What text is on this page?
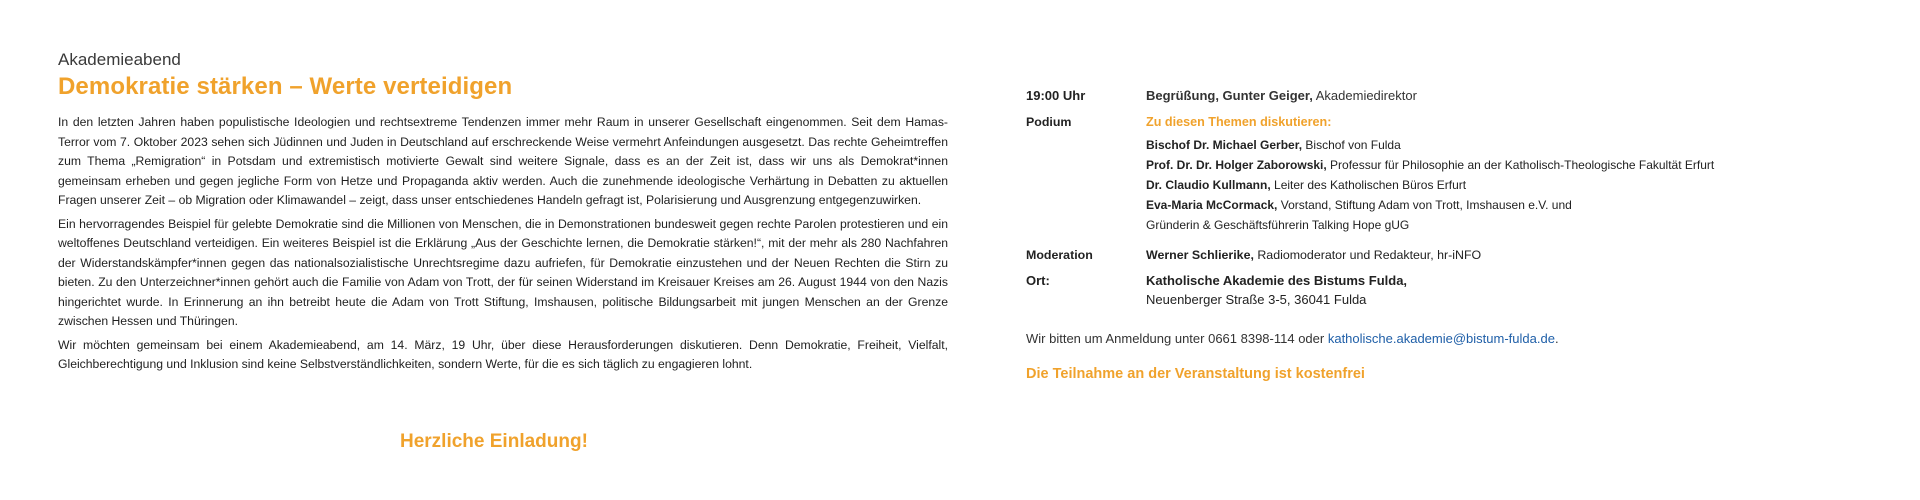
Akademieabend
Demokratie stärken – Werte verteidigen

In den letzten Jahren haben populistische Ideologien und rechtsextreme Tendenzen immer mehr Raum in unserer Gesellschaft eingenommen. Seit dem Hamas-Terror vom 7. Oktober 2023 sehen sich Jüdinnen und Juden in Deutschland auf erschreckende Weise vermehrt Anfeindungen ausgesetzt. Das rechte Geheimtreffen zum Thema „Remigration“ in Potsdam und extremistisch motivierte Gewalt sind weitere Signale, dass es an der Zeit ist, dass wir uns als Demokrat*innen gemeinsam erheben und gegen jegliche Form von Hetze und Propaganda aktiv werden. Auch die zunehmende ideologische Verhärtung in Debatten zu aktuellen Fragen unserer Zeit – ob Migration oder Klimawandel – zeigt, dass unser entschiedenes Handeln gefragt ist, Polarisierung und Ausgrenzung entgegenzuwirken.

Ein hervorragendes Beispiel für gelebte Demokratie sind die Millionen von Menschen, die in Demonstrationen bundesweit gegen rechte Parolen protestieren und ein weltoffenes Deutschland verteidigen. Ein weiteres Beispiel ist die Erklärung „Aus der Geschichte lernen, die Demokratie stärken!“, mit der mehr als 280 Nachfahren der Widerstandskämpfer*innen gegen das nationalsozialistische Unrechtsregime dazu aufriefen, für Demokratie einzustehen und der Neuen Rechten die Stirn zu bieten. Zu den Unterzeichner*innen gehört auch die Familie von Adam von Trott, der für seinen Widerstand im Kreisauer Kreises am 26. August 1944 von den Nazis hingerichtet wurde. In Erinnerung an ihn betreibt heute die Adam von Trott Stiftung, Imshausen, politische Bildungsarbeit mit jungen Menschen an der Grenze zwischen Hessen und Thüringen.

Wir möchten gemeinsam bei einem Akademieabend, am 14. März, 19 Uhr, über diese Herausforderungen diskutieren. Denn Demokratie, Freiheit, Vielfalt, Gleichberechtigung und Inklusion sind keine Selbstverständlichkeiten, sondern Werte, für die es sich täglich zu engagieren lohnt.

Herzliche Einladung!
19:00 Uhr	Begrüßung, Gunter Geiger, Akademiedirektor
Podium	Zu diesen Themen diskutieren:
Bischof Dr. Michael Gerber, Bischof von Fulda
Prof. Dr. Dr. Holger Zaborowski, Professur für Philosophie an der Katholisch-Theologische Fakultät Erfurt
Dr. Claudio Kullmann, Leiter des Katholischen Büros Erfurt
Eva-Maria McCormack, Vorstand, Stiftung Adam von Trott, Imshausen e.V. und
Gründerin & Geschäftsführerin Talking Hope gUG
Moderation	Werner Schlierike, Radiomoderator und Redakteur, hr-iNFO
Ort:	Katholische Akademie des Bistums Fulda,
Neuenberger Straße 3-5, 36041 Fulda
Wir bitten um Anmeldung unter 0661 8398-114 oder katholische.akademie@bistum-fulda.de.
Die Teilnahme an der Veranstaltung ist kostenfrei
